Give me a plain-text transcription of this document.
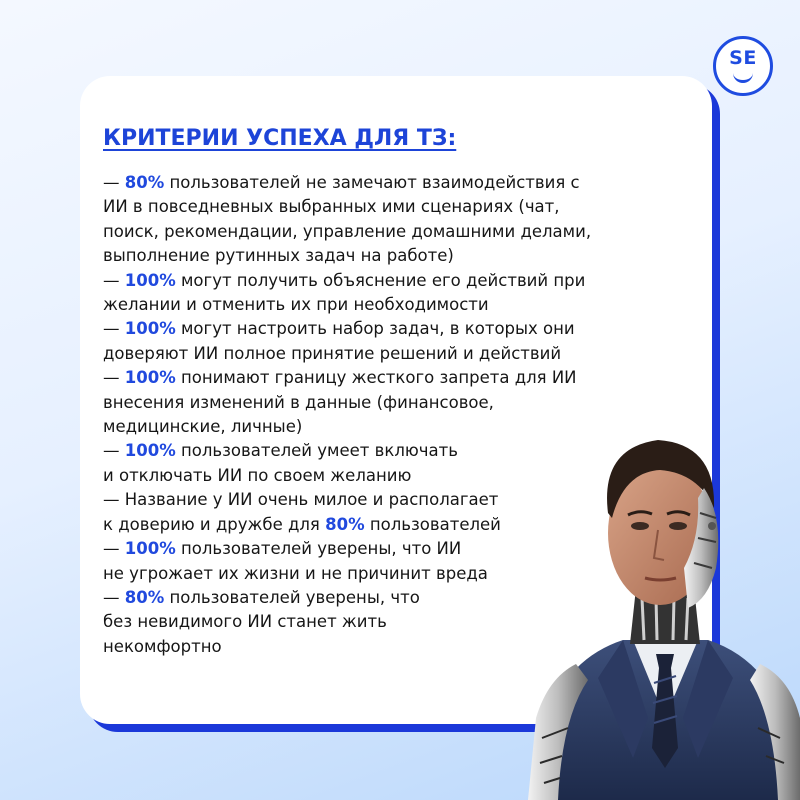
SE
КРИТЕРИИ УСПЕХА ДЛЯ ТЗ:
— 80% пользователей не замечают взаимодействия с
ИИ в повседневных выбранных ими сценариях (чат,
поиск, рекомендации, управление домашними делами,
выполнение рутинных задач на работе)
— 100% могут получить объяснение его действий при
желании и отменить их при необходимости
— 100% могут настроить набор задач, в которых они
доверяют ИИ полное принятие решений и действий
— 100% понимают границу жесткого запрета для ИИ
внесения изменений в данные (финансовое,
медицинские, личные)
— 100% пользователей умеет включать
и отключать ИИ по своем желанию
— Название у ИИ очень милое и располагает
к доверию и дружбе для 80% пользователей
— 100% пользователей уверены, что ИИ
не угрожает их жизни и не причинит вреда
— 80% пользователей уверены, что
без невидимого ИИ станет жить
некомфортно
